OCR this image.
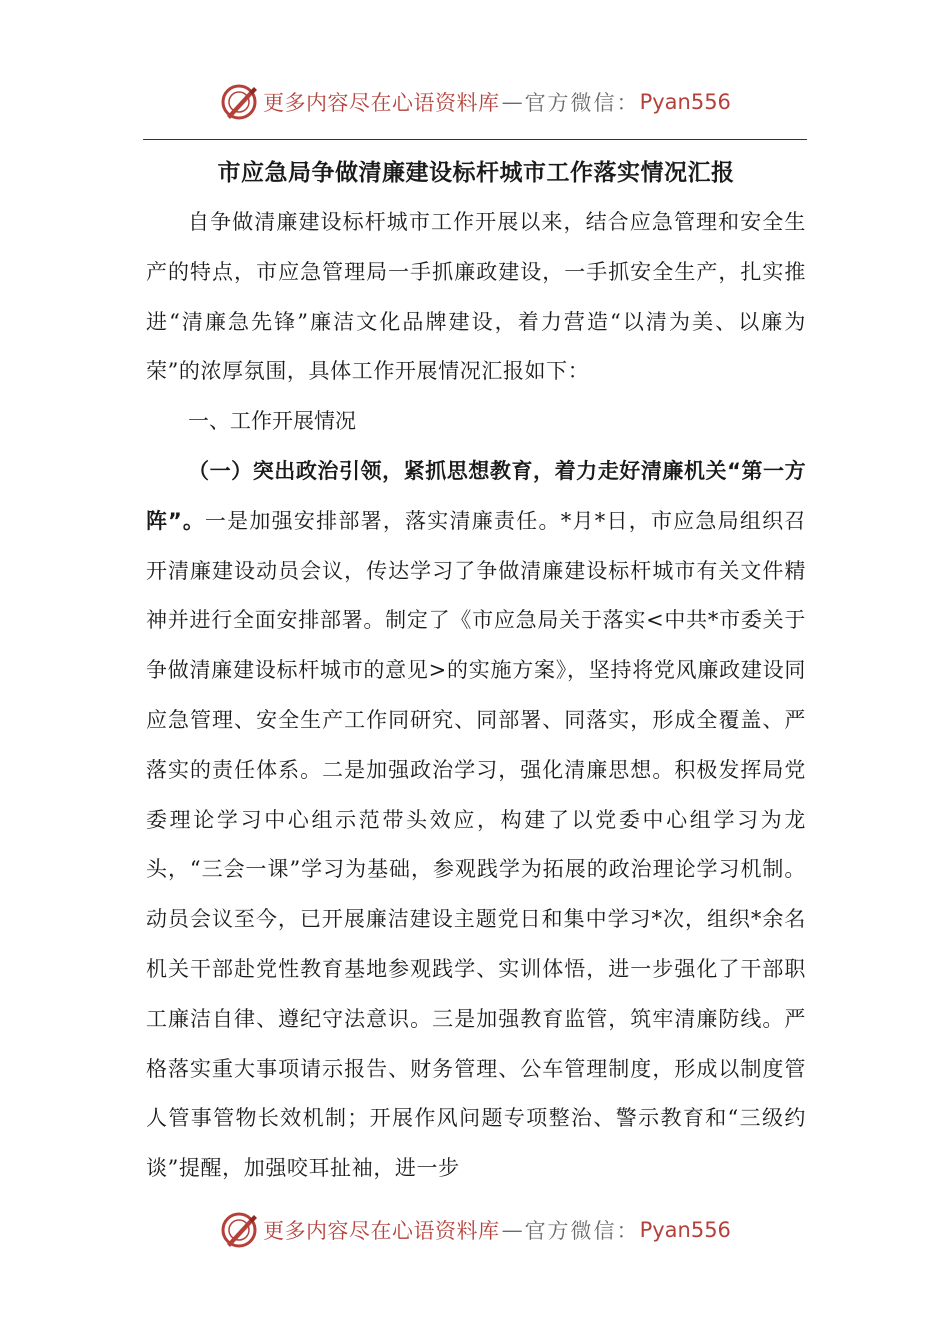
更多内容尽在心语资料库 — 官方微信： Pyan556
市应急局争做清廉建设标杆城市工作落实情况汇报

自争做清廉建设标杆城市工作开展以来，结合应急管理和安全生产的特点，市应急管理局一手抓廉政建设，一手抓安全生产，扎实推进“清廉急先锋”廉洁文化品牌建设，着力营造“以清为美、以廉为荣”的浓厚氛围，具体工作开展情况汇报如下：

一、工作开展情况

（一）突出政治引领，紧抓思想教育，着力走好清廉机关“第一方阵”。一是加强安排部署，落实清廉责任。*月*日，市应急局组织召开清廉建设动员会议，传达学习了争做清廉建设标杆城市有关文件精神并进行全面安排部署。制定了《市应急局关于落实<中共*市委关于争做清廉建设标杆城市的意见>的实施方案》，坚持将党风廉政建设同应急管理、安全生产工作同研究、同部署、同落实，形成全覆盖、严落实的责任体系。二是加强政治学习，强化清廉思想。积极发挥局党委理论学习中心组示范带头效应，构建了以党委中心组学习为龙头，“三会一课”学习为基础，参观践学为拓展的政治理论学习机制。动员会议至今，已开展廉洁建设主题党日和集中学习*次，组织*余名机关干部赴党性教育基地参观践学、实训体悟，进一步强化了干部职工廉洁自律、遵纪守法意识。三是加强教育监管，筑牢清廉防线。严格落实重大事项请示报告、财务管理、公车管理制度，形成以制度管人管事管物长效机制；开展作风问题专项整治、警示教育和“三级约谈”提醒，加强咬耳扯袖，进一步

更多内容尽在心语资料库 — 官方微信： Pyan556
